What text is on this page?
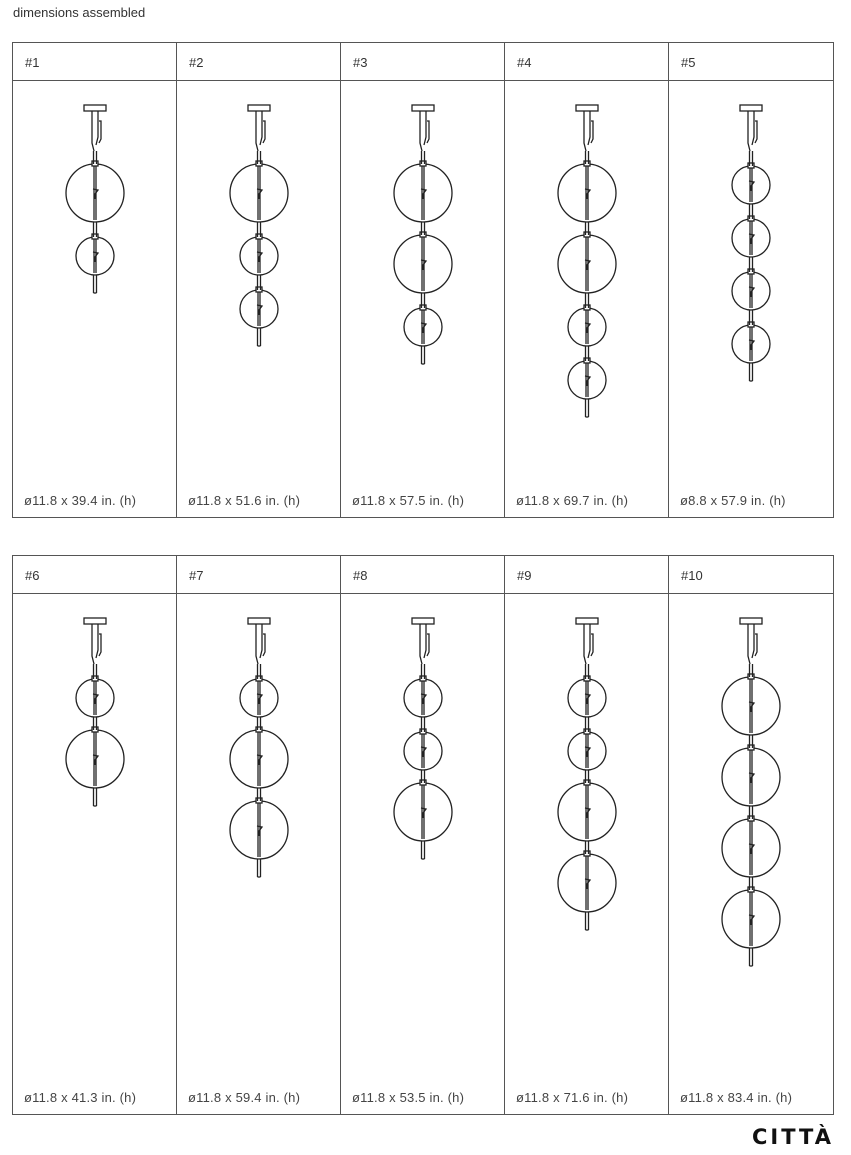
dimensions assembled
#1
ø11.8 x 39.4 in. (h)
#2
ø11.8 x 51.6 in. (h)
#3
ø11.8 x 57.5 in. (h)
#4
ø11.8 x 69.7 in. (h)
#5
ø8.8 x 57.9 in. (h)
#6
ø11.8 x 41.3 in. (h)
#7
ø11.8 x 59.4 in. (h)
#8
ø11.8 x 53.5 in. (h)
#9
ø11.8 x 71.6 in. (h)
#10
ø11.8 x 83.4 in. (h)
CITTÀ
